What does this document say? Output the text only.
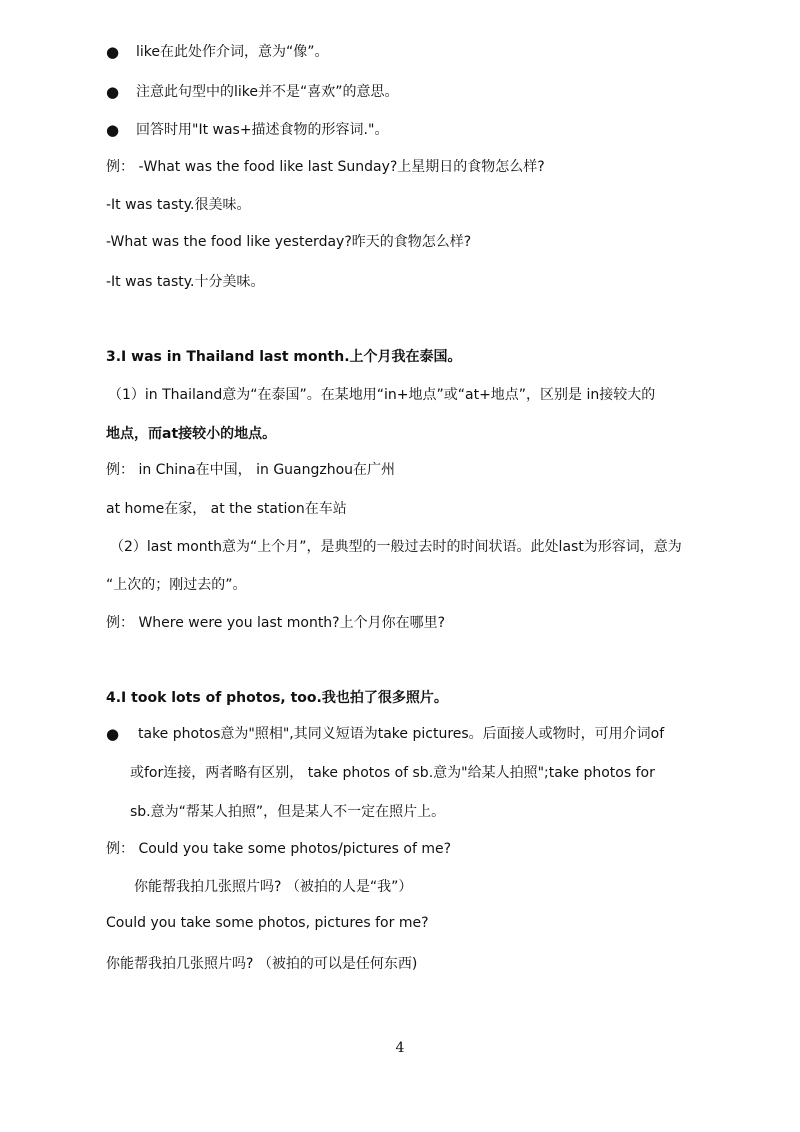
● like在此处作介词，意为“像”。
● 注意此句型中的like并不是“喜欢”的意思。
● 回答时用"It was+描述食物的形容词."。
例： -What was the food like last Sunday?上星期日的食物怎么样?
-It was tasty.很美味。
-What was the food like yesterday?昨天的食物怎么样?
-It was tasty.十分美味。
3.I was in Thailand last month.上个月我在泰国。
（1）in Thailand意为“在泰国”。在某地用“in+地点”或“at+地点”，区别是 in接较大的
地点，而at接较小的地点。
例： in China在中国， in Guangzhou在广州
at home在家， at the station在车站
（2）last month意为“上个月”，是典型的一般过去时的时间状语。此处last为形容词，意为
“上次的；刚过去的”。
例： Where were you last month?上个月你在哪里?
4.I took lots of photos, too.我也拍了很多照片。
● take photos意为"照相",其同义短语为take pictures。后面接人或物时，可用介词of
或for连接，两者略有区别， take photos of sb.意为"给某人拍照";take photos for
sb.意为“帮某人拍照”，但是某人不一定在照片上。
例： Could you take some photos/pictures of me?
你能帮我拍几张照片吗? （被拍的人是“我”）
Could you take some photos, pictures for me?
你能帮我拍几张照片吗? （被拍的可以是任何东西)
4
